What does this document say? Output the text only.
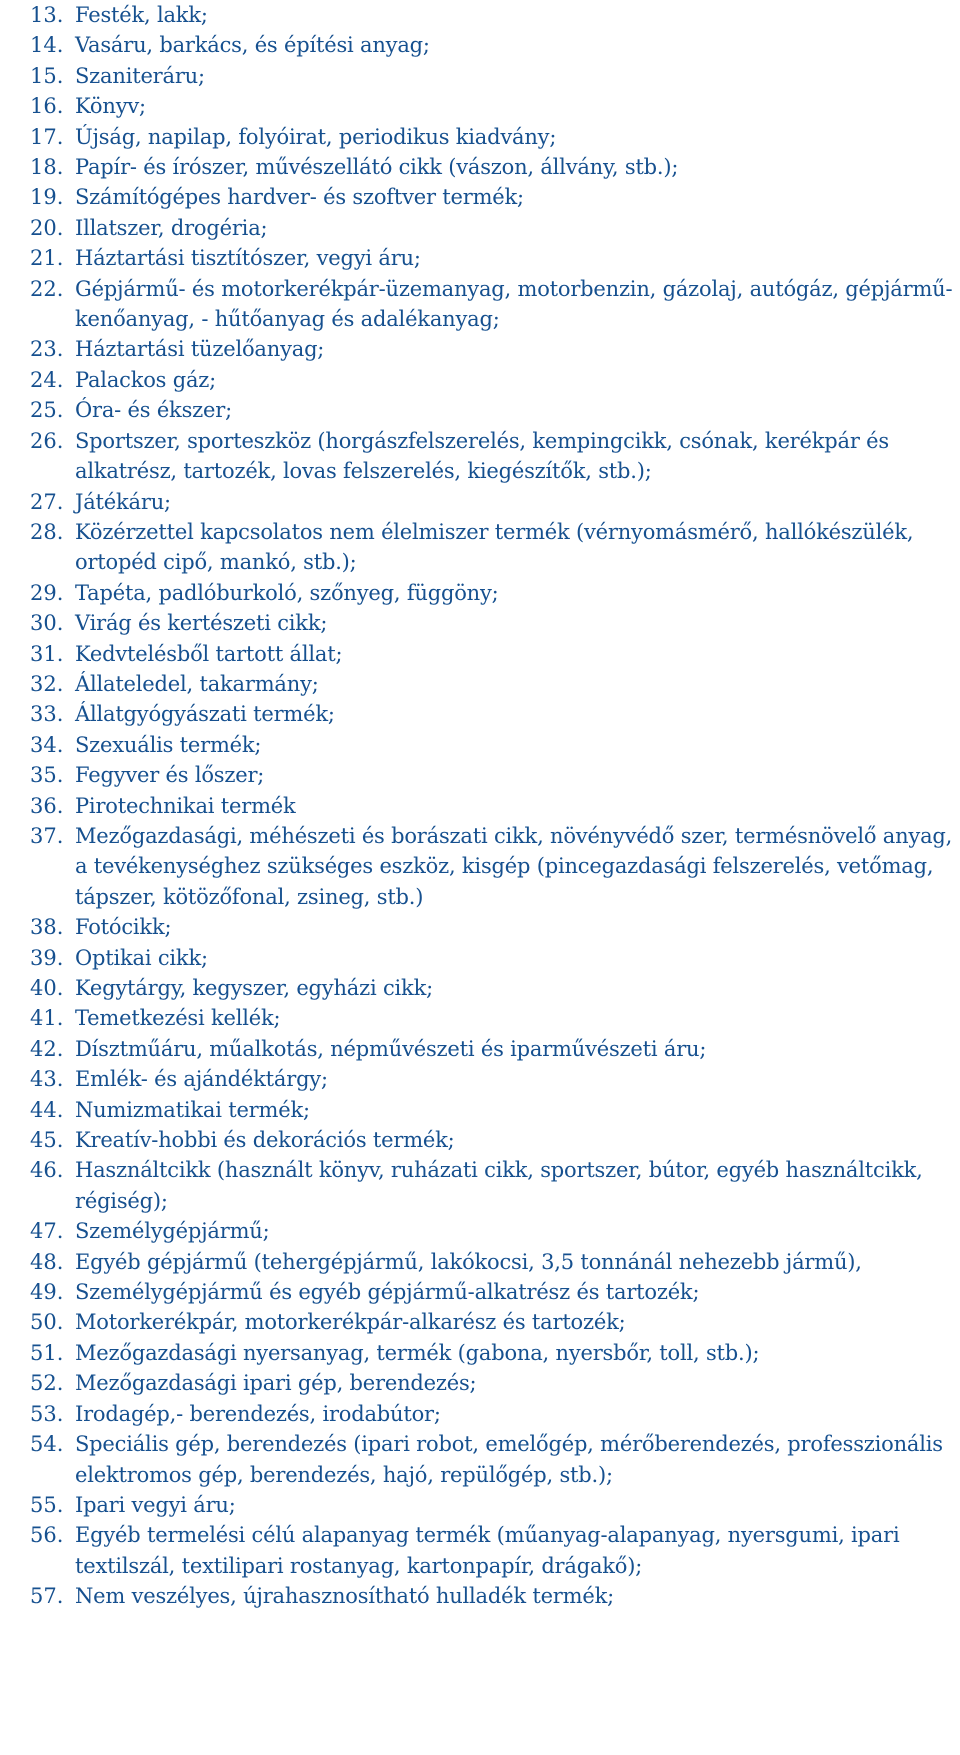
13. Festék, lakk;
14. Vasáru, barkács, és építési anyag;
15. Szaniteráru;
16. Könyv;
17. Újság, napilap, folyóirat, periodikus kiadvány;
18. Papír- és írószer, művészellátó cikk (vászon, állvány, stb.);
19. Számítógépes hardver- és szoftver termék;
20. Illatszer, drogéria;
21. Háztartási tisztítószer, vegyi áru;
22. Gépjármű- és motorkerékpár-üzemanyag, motorbenzin, gázolaj, autógáz, gépjármű-kenőanyag, - hűtőanyag és adalékanyag;
23. Háztartási tüzelőanyag;
24. Palackos gáz;
25. Óra- és ékszer;
26. Sportszer, sporteszköz (horgászfelszerelés, kempingcikk, csónak, kerékpár és alkatrész, tartozék, lovas felszerelés, kiegészítők, stb.);
27. Játékáru;
28. Közérzettel kapcsolatos nem élelmiszer termék (vérnyomásmérő, hallókészülék, ortopéd cipő, mankó, stb.);
29. Tapéta, padlóburkoló, szőnyeg, függöny;
30. Virág és kertészeti cikk;
31. Kedvtelésből tartott állat;
32. Állateledel, takarmány;
33. Állatgyógyászati termék;
34. Szexuális termék;
35. Fegyver és lőszer;
36. Pirotechnikai termék
37. Mezőgazdasági, méhészeti és borászati cikk, növényvédő szer, termésnövelő anyag, a tevékenységhez szükséges eszköz, kisgép (pincegazdasági felszerelés, vetőmag, tápszer, kötözőfonal, zsineg, stb.)
38. Fotócikk;
39. Optikai cikk;
40. Kegytárgy, kegyszer, egyházi cikk;
41. Temetkezési kellék;
42. Dísztműáru, műalkotás, népművészeti és iparművészeti áru;
43. Emlék- és ajándéktárgy;
44. Numizmatikai termék;
45. Kreatív-hobbi és dekorációs termék;
46. Használtcikk (használt könyv, ruházati cikk, sportszer, bútor, egyéb használtcikk, régiség);
47. Személygépjármű;
48. Egyéb gépjármű (tehergépjármű, lakókocsi, 3,5 tonnánál nehezebb jármű),
49. Személygépjármű és egyéb gépjármű-alkatrész és tartozék;
50. Motorkerékpár, motorkerékpár-alkarész és tartozék;
51. Mezőgazdasági nyersanyag, termék (gabona, nyersbőr, toll, stb.);
52. Mezőgazdasági ipari gép, berendezés;
53. Irodagép,- berendezés, irodabútor;
54. Speciális gép, berendezés (ipari robot, emelőgép, mérőberendezés, professzionális elektromos gép, berendezés, hajó, repülőgép, stb.);
55. Ipari vegyi áru;
56. Egyéb termelési célú alapanyag termék (műanyag-alapanyag, nyersgumi, ipari textilszál, textilipari rostanyag, kartonpapír, drágakő);
57. Nem veszélyes, újrahasznosítható hulladék termék;
